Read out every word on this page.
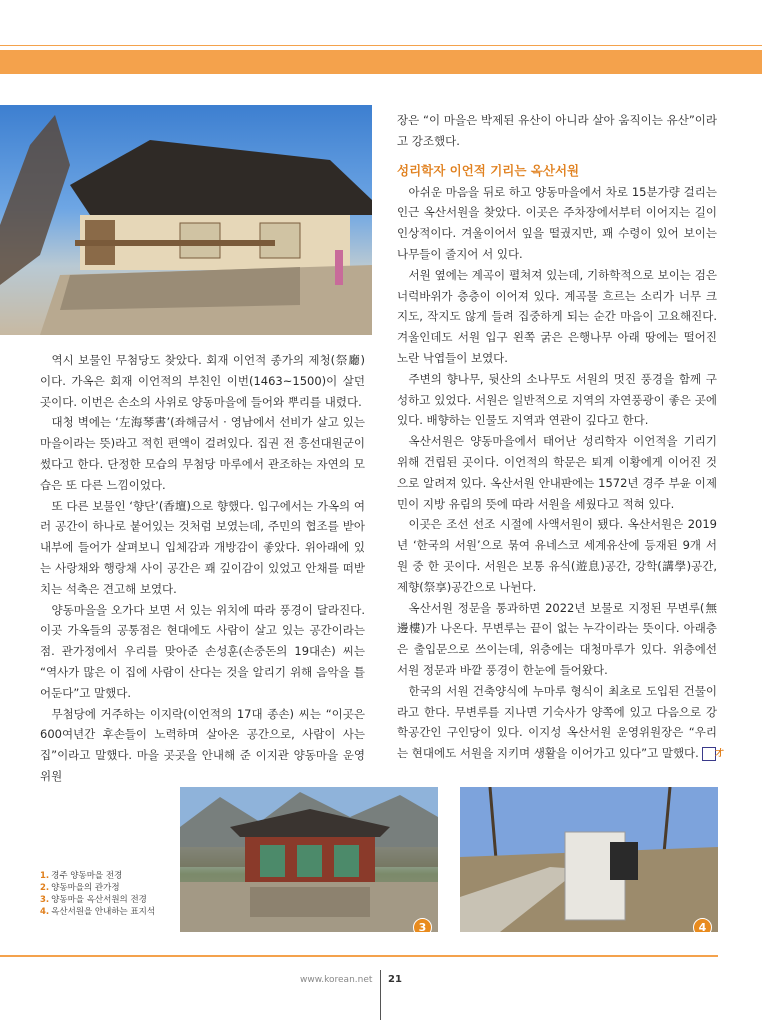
역시 보물인 무첨당도 찾았다. 회재 이언적 종가의 제청(祭廳)이다. 가옥은 회재 이언적의 부친인 이번(1463~1500)이 살던 곳이다. 이번은 손소의 사위로 양동마을에 들어와 뿌리를 내렸다.

대청 벽에는 ‘左海琴書’(좌해금서 · 영남에서 선비가 살고 있는 마을이라는 뜻)라고 적힌 편액이 걸려있다. 집권 전 흥선대원군이 썼다고 한다. 단정한 모습의 무첨당 마루에서 관조하는 자연의 모습은 또 다른 느낌이었다.

또 다른 보물인 ‘향단’(香壇)으로 향했다. 입구에서는 가옥의 여러 공간이 하나로 붙어있는 것처럼 보였는데, 주민의 협조를 받아 내부에 들어가 살펴보니 입체감과 개방감이 좋았다. 위아래에 있는 사랑채와 행랑채 사이 공간은 꽤 깊이감이 있었고 안채를 떠받치는 석축은 견고해 보였다.

양동마을을 오가다 보면 서 있는 위치에 따라 풍경이 달라진다. 이곳 가옥들의 공통점은 현대에도 사람이 살고 있는 공간이라는 점. 관가정에서 우리를 맞아준 손성훈(손중돈의 19대손) 씨는 “역사가 많은 이 집에 사람이 산다는 것을 알리기 위해 음악을 틀어둔다”고 말했다.

무첨당에 거주하는 이지락(이언적의 17대 종손) 씨는 “이곳은 600여년간 후손들이 노력하며 살아온 공간으로, 사람이 사는 집”이라고 말했다. 마을 곳곳을 안내해 준 이지관 양동마을 운영위원

장은 “이 마을은 박제된 유산이 아니라 살아 움직이는 유산”이라고 강조했다.

성리학자 이언적 기리는 옥산서원

아쉬운 마음을 뒤로 하고 양동마을에서 차로 15분가량 걸리는 인근 옥산서원을 찾았다. 이곳은 주차장에서부터 이어지는 길이 인상적이다. 겨울이어서 잎을 떨궜지만, 꽤 수령이 있어 보이는 나무들이 줄지어 서 있다.

서원 옆에는 계곡이 펼쳐져 있는데, 기하학적으로 보이는 검은 너럭바위가 층층이 이어져 있다. 계곡물 흐르는 소리가 너무 크지도, 작지도 않게 들려 집중하게 되는 순간 마음이 고요해진다. 겨울인데도 서원 입구 왼쪽 굵은 은행나무 아래 땅에는 떨어진 노란 낙엽들이 보였다.

주변의 향나무, 뒷산의 소나무도 서원의 멋진 풍경을 함께 구성하고 있었다. 서원은 일반적으로 지역의 자연풍광이 좋은 곳에 있다. 배향하는 인물도 지역과 연관이 깊다고 한다.

옥산서원은 양동마을에서 태어난 성리학자 이언적을 기리기 위해 건립된 곳이다. 이언적의 학문은 퇴계 이황에게 이어진 것으로 알려져 있다. 옥산서원 안내판에는 1572년 경주 부윤 이제민이 지방 유림의 뜻에 따라 서원을 세웠다고 적혀 있다.

이곳은 조선 선조 시절에 사액서원이 됐다. 옥산서원은 2019년 ‘한국의 서원’으로 묶여 유네스코 세계유산에 등재된 9개 서원 중 한 곳이다. 서원은 보통 유식(遊息)공간, 강학(講學)공간, 제향(祭享)공간으로 나뉜다.

옥산서원 정문을 통과하면 2022년 보물로 지정된 무변루(無邊樓)가 나온다. 무변루는 끝이 없는 누각이라는 뜻이다. 아래층은 출입문으로 쓰이는데, 위층에는 대청마루가 있다. 위층에선 서원 정문과 바깥 풍경이 한눈에 들어왔다.

한국의 서원 건축양식에 누마루 형식이 최초로 도입된 건물이라고 한다. 무변루를 지나면 기숙사가 양쪽에 있고 다음으로 강학공간인 구인당이 있다. 이지성 옥산서원 운영위원장은 “우리는 현대에도 서원을 지키며 생활을 이어가고 있다”고 말했다. 才

1. 경주 양동마을 전경
2. 양동마을의 관가정
3. 양동마을 옥산서원의 전경
4. 옥산서원을 안내하는 표지석
3	4
www.korean.net 21
